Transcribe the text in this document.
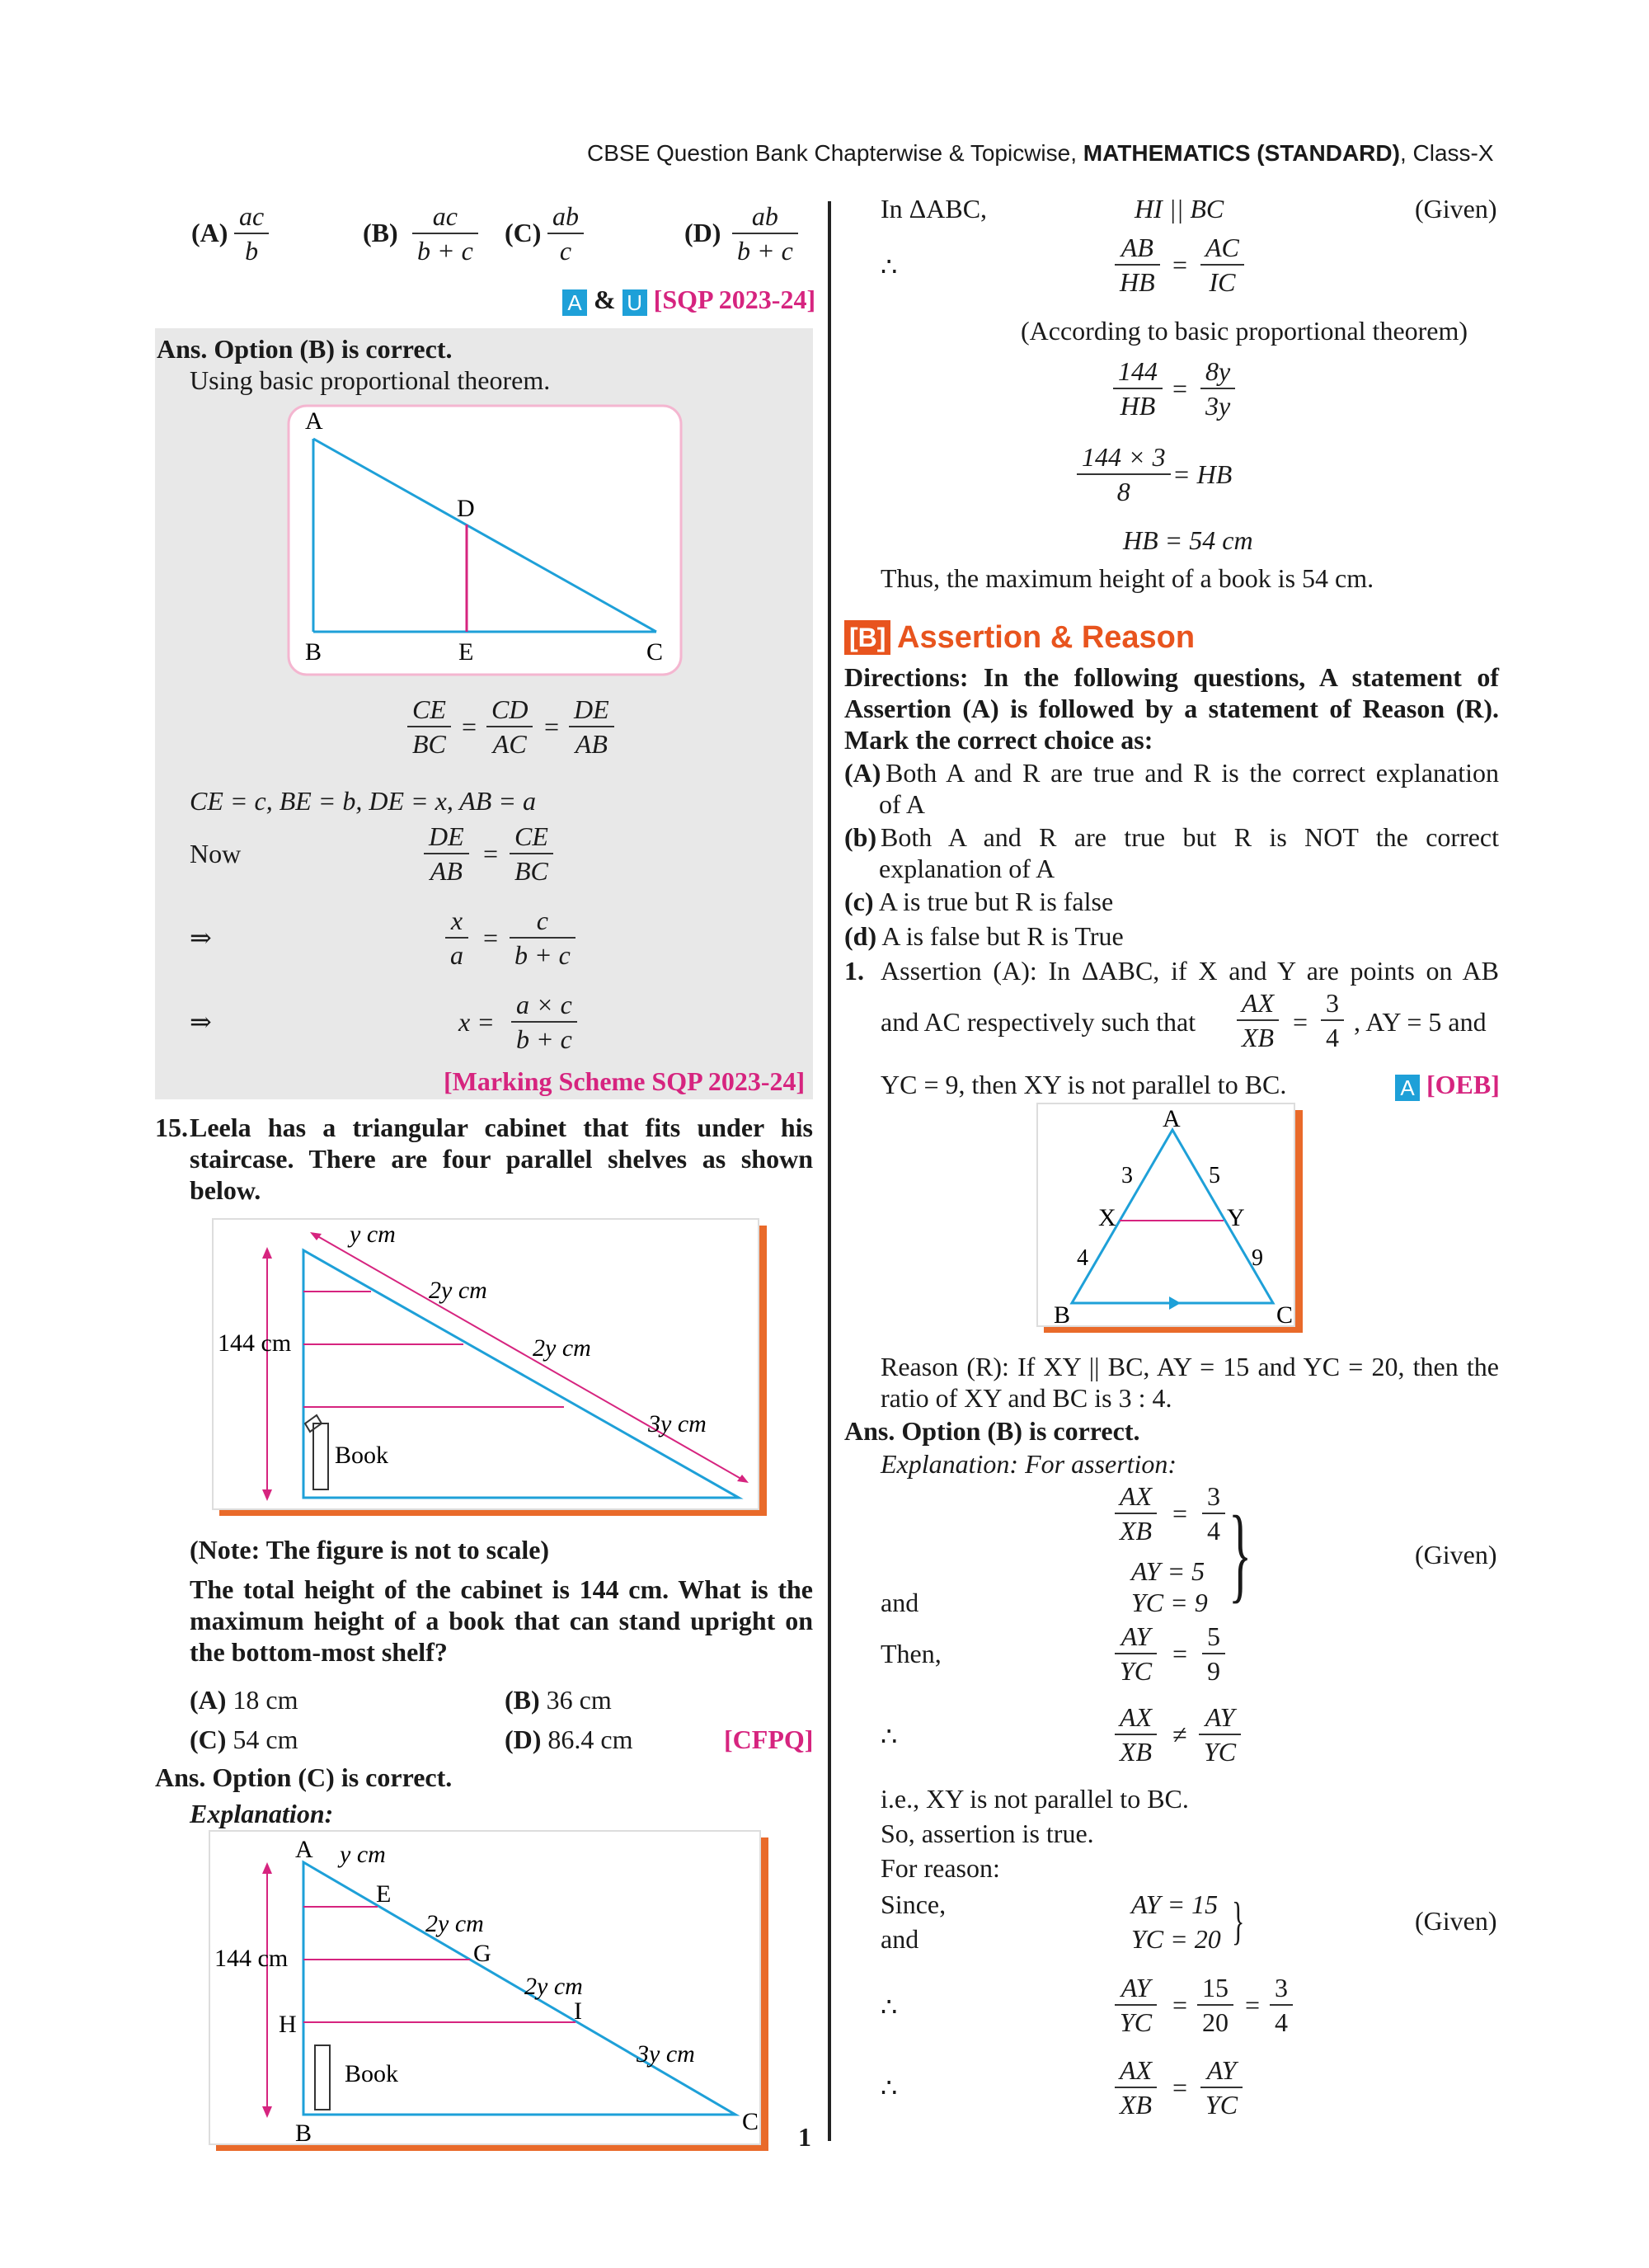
CBSE Question Bank Chapterwise & Topicwise, MATHEMATICS (STANDARD), Class-X
$(A) \frac{ac}{b}$	$(B) \frac{ac}{b + c} (C) \frac{ab}{c}$	$(D) \frac{ab}{b + c}$
A & U [SQP 2023-24]
Ans. Option (B) is correct.
Using basic proportional theorem.
A
B	C
D
E
$\frac{CE}{BC} = \frac{CD}{AC} = \frac{DE}{AB}$
CE = c, BE = b, DE = x, AB = a
Now	$\frac{DE}{AB} = \frac{CE}{BC}$
⇒	$\frac{x}{a} = \frac{c}{b + c}$
⇒	$x = \frac{a \times c}{b + c}$
[Marking Scheme SQP 2023-24]
15. Leela has a triangular cabinet that fits under his
staircase. There are four parallel shelves as shown
below.
y cm
2y cm
2y cm
3y cm
144 cm
Book
(Note: The figure is not to scale)
The total height of the cabinet is 144 cm. What is the
maximum height of a book that can stand upright on
the bottom-most shelf?
(A) 18 cm	(B) 36 cm
(C) 54 cm	(D) 86.4 cm	[CFPQ]
Ans. Option (C) is correct.
Explanation:
A
B	C
E
G
H	I
y cm
2y cm
2y cm
3y cm
144 cm
Book
1
In ΔABC,	HI || BC	(Given)
∴	$\frac{AB}{HB} = \frac{AC}{IC}$
(According to basic proportional theorem)
$\frac{144}{HB} = \frac{8y}{3y}$
$\frac{144 \times 3}{8}$ = HB
HB = 54 cm
Thus, the maximum height of a book is 54 cm.
[B] Assertion & Reason
Directions: In the following questions, A statement of
Assertion (A) is followed by a statement of Reason (R).
Mark the correct choice as:
(A) Both A and R are true and R is the correct explanation
of A
(b) Both A and R are true but R is NOT the correct
explanation of A
(c) A is true but R is false
(d) A is false but R is True
1. Assertion (A): In ΔABC, if X and Y are points on AB
and AC respectively such that $\frac{AX}{XB} = \frac{3}{4}$ , AY = 5 and
YC = 9, then XY is not parallel to BC.	A [OEB]
A
B	C
X	Y
3	5
4	9
Reason (R): If XY || BC, AY = 15 and YC = 20, then the
ratio of XY and BC is 3 : 4.
Ans. Option (B) is correct.
Explanation: For assertion:
$\frac{AX}{XB} = \frac{3}{4}$
AY = 5
and	YC = 9 }	(Given)
Then,	$\frac{AY}{YC} = \frac{5}{9}$
∴	$\frac{AX}{XB} \ne \frac{AY}{YC}$
i.e., XY is not parallel to BC.
So, assertion is true.
For reason:
Since,	AY = 15
and	YC = 20 }	(Given)
∴	$\frac{AY}{YC} = \frac{15}{20} = \frac{3}{4}$
∴	$\frac{AX}{XB} = \frac{AY}{YC}$
